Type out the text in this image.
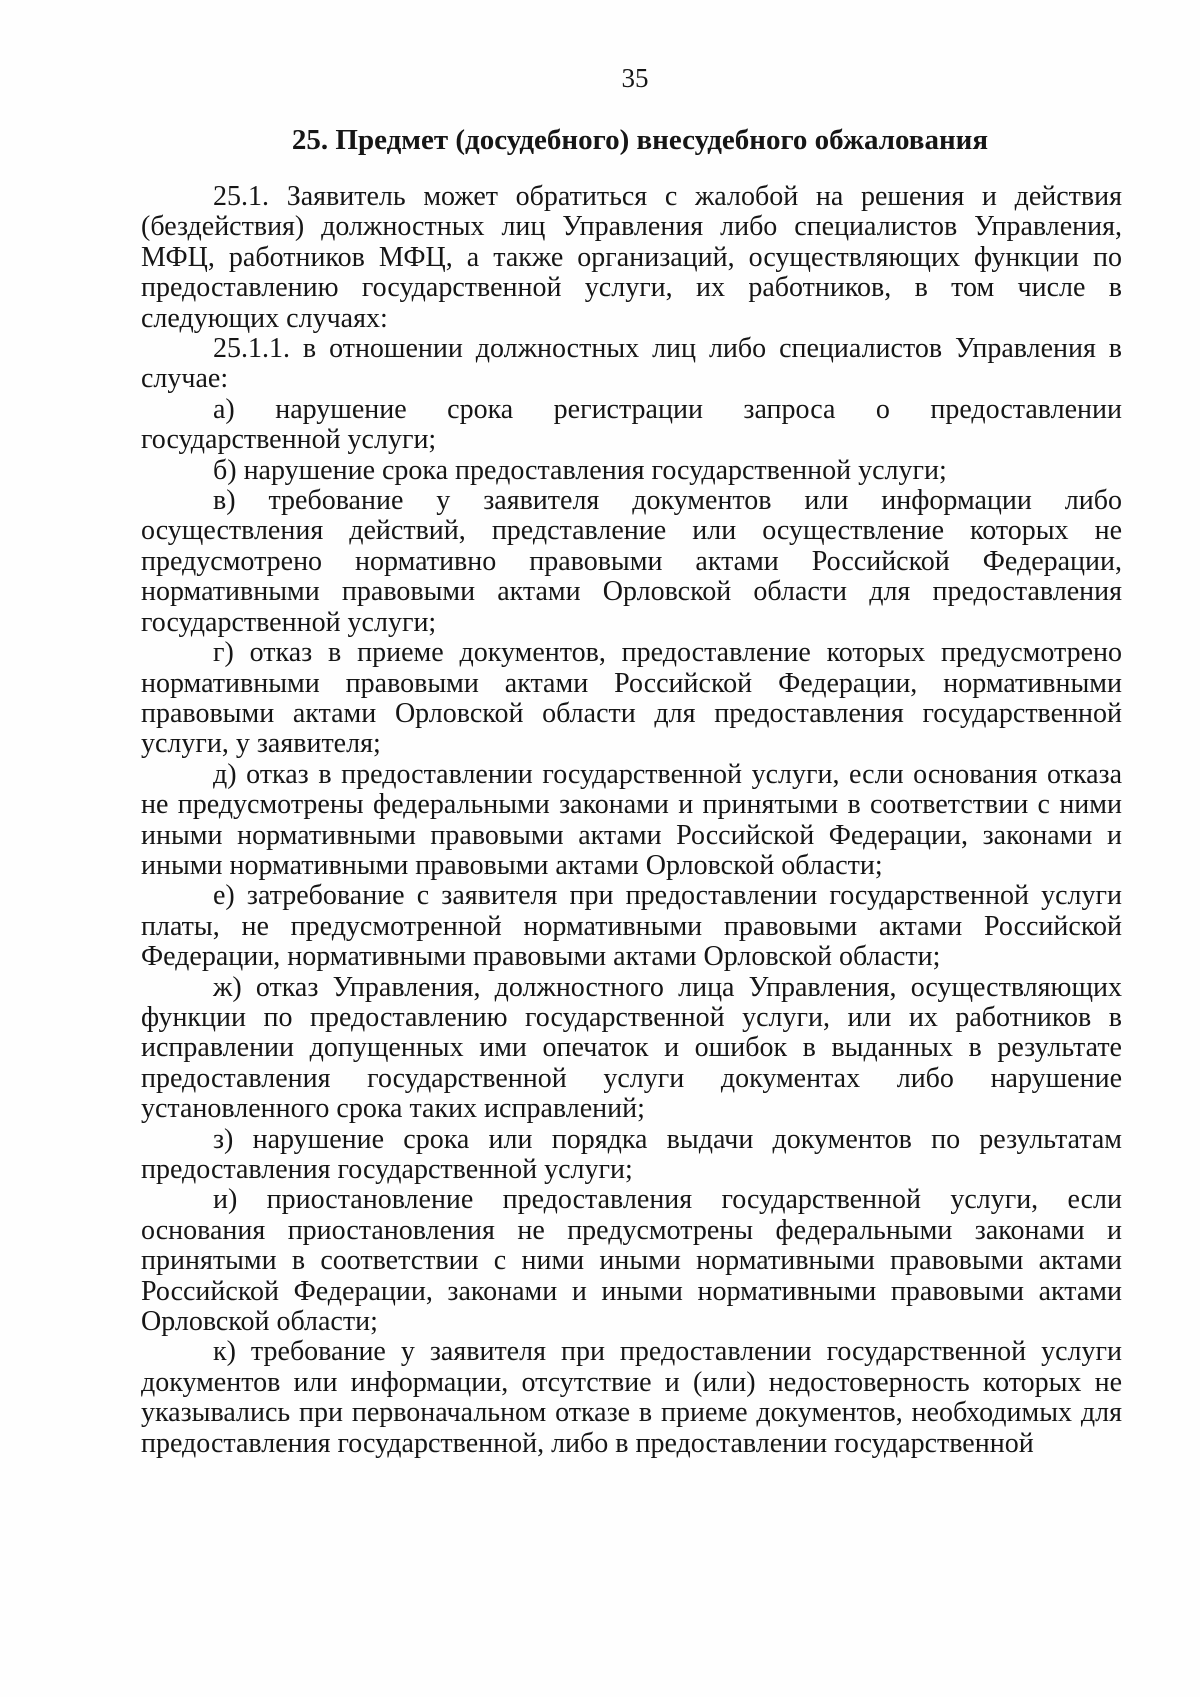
35
25. Предмет (досудебного) внесудебного обжалования

25.1. Заявитель может обратиться с жалобой на решения и действия (бездействия) должностных лиц Управления либо специалистов Управления, МФЦ, работников МФЦ, а также организаций, осуществляющих функции по предоставлению государственной услуги, их работников, в том числе в следующих случаях:

25.1.1. в отношении должностных лиц либо специалистов Управления в случае:

а) нарушение срока регистрации запроса о предоставлении государственной услуги;

б) нарушение срока предоставления государственной услуги;

в) требование у заявителя документов или информации либо осуществления действий, представление или осуществление которых не предусмотрено нормативно правовыми актами Российской Федерации, нормативными правовыми актами Орловской области для предоставления государственной услуги;

г) отказ в приеме документов, предоставление которых предусмотрено нормативными правовыми актами Российской Федерации, нормативными правовыми актами Орловской области для предоставления государственной услуги, у заявителя;

д) отказ в предоставлении государственной услуги, если основания отказа не предусмотрены федеральными законами и принятыми в соответствии с ними иными нормативными правовыми актами Российской Федерации, законами и иными нормативными правовыми актами Орловской области;

е) затребование с заявителя при предоставлении государственной услуги платы, не предусмотренной нормативными правовыми актами Российской Федерации, нормативными правовыми актами Орловской области;

ж) отказ Управления, должностного лица Управления, осуществляющих функции по предоставлению государственной услуги, или их работников в исправлении допущенных ими опечаток и ошибок в выданных в результате предоставления государственной услуги документах либо нарушение установленного срока таких исправлений;

з) нарушение срока или порядка выдачи документов по результатам предоставления государственной услуги;

и) приостановление предоставления государственной услуги, если основания приостановления не предусмотрены федеральными законами и принятыми в соответствии с ними иными нормативными правовыми актами Российской Федерации, законами и иными нормативными правовыми актами Орловской области;

к) требование у заявителя при предоставлении государственной услуги документов или информации, отсутствие и (или) недостоверность которых не указывались при первоначальном отказе в приеме документов, необходимых для предоставления государственной, либо в предоставлении государственной
